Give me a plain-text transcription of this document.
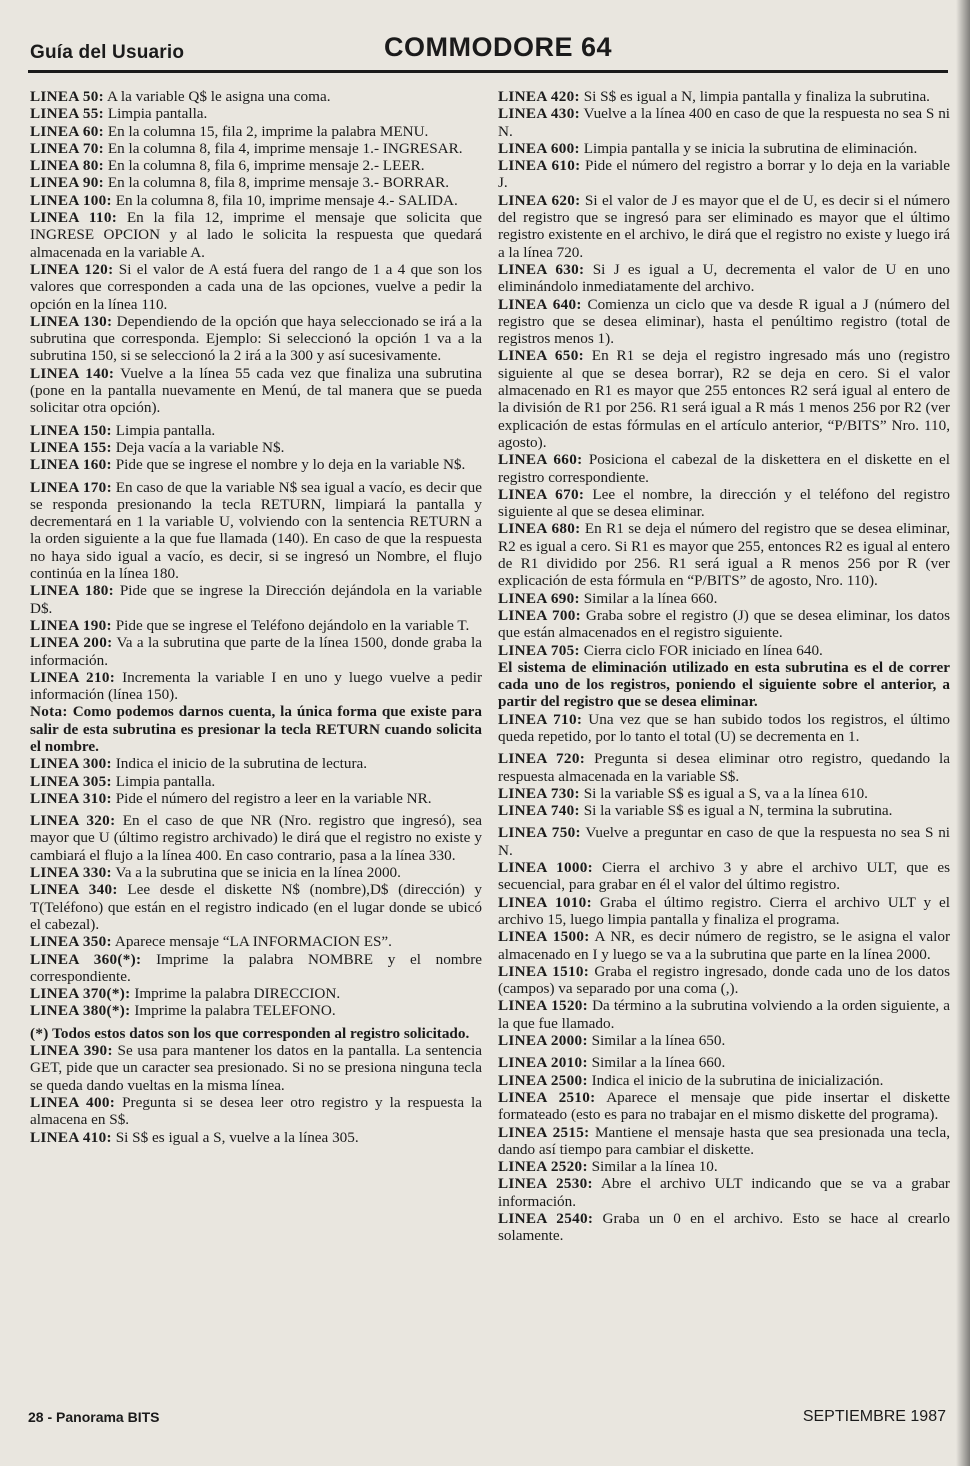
Guía del Usuario	COMMODORE 64
LINEA 50: A la variable Q$ le asigna una coma.
LINEA 55: Limpia pantalla.
LINEA 60: En la columna 15, fila 2, imprime la palabra MENU.
LINEA 70: En la columna 8, fila 4, imprime mensaje 1.- INGRESAR.
LINEA 80: En la columna 8, fila 6, imprime mensaje 2.- LEER.
LINEA 90: En la columna 8, fila 8, imprime mensaje 3.- BORRAR.
LINEA 100: En la columna 8, fila 10, imprime mensaje 4.- SALIDA.
LINEA 110: En la fila 12, imprime el mensaje que solicita que INGRESE OPCION y al lado le solicita la respuesta que quedará almacenada en la variable A.
LINEA 120: Si el valor de A está fuera del rango de 1 a 4 que son los valores que corresponden a cada una de las opciones, vuelve a pedir la opción en la línea 110.
LINEA 130: Dependiendo de la opción que haya seleccionado se irá a la subrutina que corresponda. Ejemplo: Si seleccionó la opción 1 va a la subrutina 150, si se seleccionó la 2 irá a la 300 y así sucesivamente.
LINEA 140: Vuelve a la línea 55 cada vez que finaliza una subrutina (pone en la pantalla nuevamente en Menú, de tal manera que se pueda solicitar otra opción).
LINEA 150: Limpia pantalla.
LINEA 155: Deja vacía a la variable N$.
LINEA 160: Pide que se ingrese el nombre y lo deja en la variable N$.
LINEA 170: En caso de que la variable N$ sea igual a vacío, es decir que se responda presionando la tecla RETURN, limpiará la pantalla y decrementará en 1 la variable U, volviendo con la sentencia RETURN a la orden siguiente a la que fue llamada (140). En caso de que la respuesta no haya sido igual a vacío, es decir, si se ingresó un Nombre, el flujo continúa en la línea 180.
LINEA 180: Pide que se ingrese la Dirección dejándola en la variable D$.
LINEA 190: Pide que se ingrese el Teléfono dejándolo en la variable T.
LINEA 200: Va a la subrutina que parte de la línea 1500, donde graba la información.
LINEA 210: Incrementa la variable I en uno y luego vuelve a pedir información (línea 150).
Nota: Como podemos darnos cuenta, la única forma que existe para salir de esta subrutina es presionar la tecla RETURN cuando solicita el nombre.
LINEA 300: Indica el inicio de la subrutina de lectura.
LINEA 305: Limpia pantalla.
LINEA 310: Pide el número del registro a leer en la variable NR.
LINEA 320: En el caso de que NR (Nro. registro que ingresó), sea mayor que U (último registro archivado) le dirá que el registro no existe y cambiará el flujo a la línea 400. En caso contrario, pasa a la línea 330.
LINEA 330: Va a la subrutina que se inicia en la línea 2000.
LINEA 340: Lee desde el diskette N$ (nombre),D$ (dirección) y T(Teléfono) que están en el registro indicado (en el lugar donde se ubicó el cabezal).
LINEA 350: Aparece mensaje “LA INFORMACION ES”.
LINEA 360(*): Imprime la palabra NOMBRE y el nombre correspondiente.
LINEA 370(*): Imprime la palabra DIRECCION.
LINEA 380(*): Imprime la palabra TELEFONO.
(*) Todos estos datos son los que corresponden al registro solicitado.
LINEA 390: Se usa para mantener los datos en la pantalla. La sentencia GET, pide que un caracter sea presionado. Si no se presiona ninguna tecla se queda dando vueltas en la misma línea.
LINEA 400: Pregunta si se desea leer otro registro y la respuesta la almacena en S$.
LINEA 410: Si S$ es igual a S, vuelve a la línea 305.
LINEA 420: Si S$ es igual a N, limpia pantalla y finaliza la subrutina.
LINEA 430: Vuelve a la línea 400 en caso de que la respuesta no sea S ni N.
LINEA 600: Limpia pantalla y se inicia la subrutina de eliminación.
LINEA 610: Pide el número del registro a borrar y lo deja en la variable J.
LINEA 620: Si el valor de J es mayor que el de U, es decir si el número del registro que se ingresó para ser eliminado es mayor que el último registro existente en el archivo, le dirá que el registro no existe y luego irá a la línea 720.
LINEA 630: Si J es igual a U, decrementa el valor de U en uno eliminándolo inmediatamente del archivo.
LINEA 640: Comienza un ciclo que va desde R igual a J (número del registro que se desea eliminar), hasta el penúltimo registro (total de registros menos 1).
LINEA 650: En R1 se deja el registro ingresado más uno (registro siguiente al que se desea borrar), R2 se deja en cero. Si el valor almacenado en R1 es mayor que 255 entonces R2 será igual al entero de la división de R1 por 256. R1 será igual a R más 1 menos 256 por R2 (ver explicación de estas fórmulas en el artículo anterior, “P/BITS” Nro. 110, agosto).
LINEA 660: Posiciona el cabezal de la diskettera en el diskette en el registro correspondiente.
LINEA 670: Lee el nombre, la dirección y el teléfono del registro siguiente al que se desea eliminar.
LINEA 680: En R1 se deja el número del registro que se desea eliminar, R2 es igual a cero. Si R1 es mayor que 255, entonces R2 es igual al entero de R1 dividido por 256. R1 será igual a R menos 256 por R (ver explicación de esta fórmula en “P/BITS” de agosto, Nro. 110).
LINEA 690: Similar a la línea 660.
LINEA 700: Graba sobre el registro (J) que se desea eliminar, los datos que están almacenados en el registro siguiente.
LINEA 705: Cierra ciclo FOR iniciado en línea 640.
El sistema de eliminación utilizado en esta subrutina es el de correr cada uno de los registros, poniendo el siguiente sobre el anterior, a partir del registro que se desea eliminar.
LINEA 710: Una vez que se han subido todos los registros, el último queda repetido, por lo tanto el total (U) se decrementa en 1.
LINEA 720: Pregunta si desea eliminar otro registro, quedando la respuesta almacenada en la variable S$.
LINEA 730: Si la variable S$ es igual a S, va a la línea 610.
LINEA 740: Si la variable S$ es igual a N, termina la subrutina.
LINEA 750: Vuelve a preguntar en caso de que la respuesta no sea S ni N.
LINEA 1000: Cierra el archivo 3 y abre el archivo ULT, que es secuencial, para grabar en él el valor del último registro.
LINEA 1010: Graba el último registro. Cierra el archivo ULT y el archivo 15, luego limpia pantalla y finaliza el programa.
LINEA 1500: A NR, es decir número de registro, se le asigna el valor almacenado en I y luego se va a la subrutina que parte en la línea 2000.
LINEA 1510: Graba el registro ingresado, donde cada uno de los datos (campos) va separado por una coma (,).
LINEA 1520: Da término a la subrutina volviendo a la orden siguiente, a la que fue llamado.
LINEA 2000: Similar a la línea 650.
LINEA 2010: Similar a la línea 660.
LINEA 2500: Indica el inicio de la subrutina de inicialización.
LINEA 2510: Aparece el mensaje que pide insertar el diskette formateado (esto es para no trabajar en el mismo diskette del programa).
LINEA 2515: Mantiene el mensaje hasta que sea presionada una tecla, dando así tiempo para cambiar el diskette.
LINEA 2520: Similar a la línea 10.
LINEA 2530: Abre el archivo ULT indicando que se va a grabar información.
LINEA 2540: Graba un 0 en el archivo. Esto se hace al crearlo solamente.
28 - Panorama BITS	SEPTIEMBRE 1987
